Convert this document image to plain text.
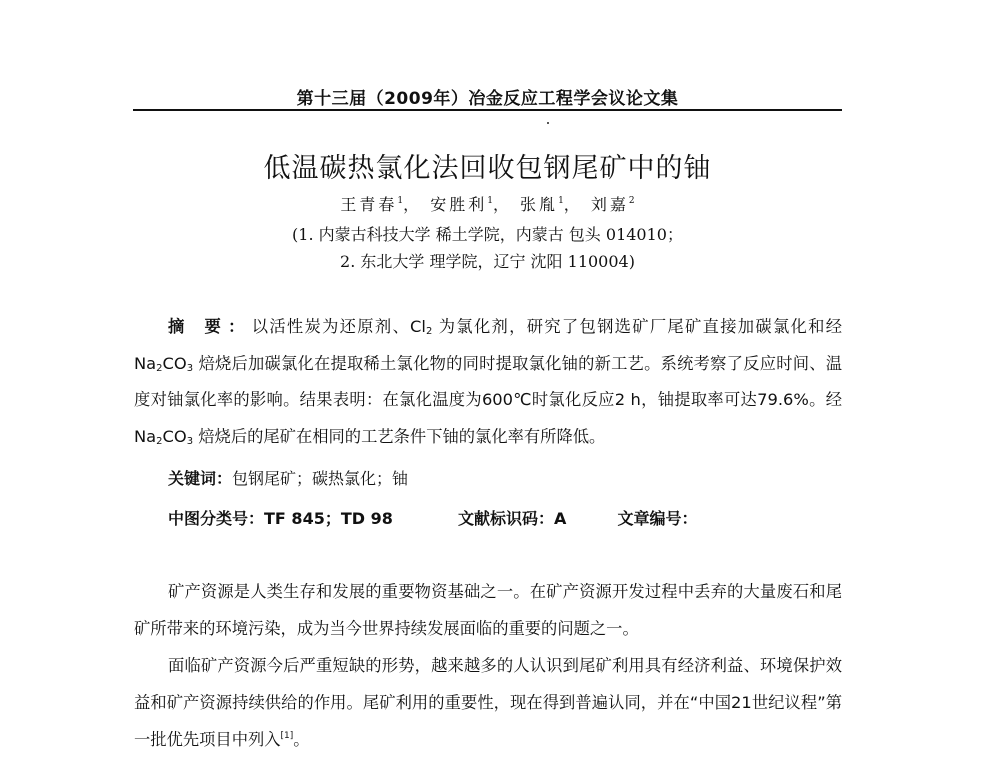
第十三届（2009年）冶金反应工程学会议论文集
低温碳热氯化法回收包钢尾矿中的铀
王青春$^1$， 安胜利$^1$， 张胤$^1$， 刘嘉$^2$
(1. 内蒙古科技大学 稀土学院，内蒙古 包头 014010；
2. 东北大学 理学院，辽宁 沈阳 110004)
摘 要：以活性炭为还原剂、$Cl_2$ 为氯化剂，研究了包钢选矿厂尾矿直接加碳氯化和经$Na_2CO_3$ 焙烧后加碳氯化在提取稀土氯化物的同时提取氯化铀的新工艺。系统考察了反应时间、温度对铀氯化率的影响。结果表明：在氯化温度为600℃时氯化反应2 h，铀提取率可达79.6%。经$Na_2CO_3$ 焙烧后的尾矿在相同的工艺条件下铀的氯化率有所降低。
关键词：包钢尾矿；碳热氯化；铀
中图分类号：TF 845；TD 98	文献标识码：A	文章编号：

矿产资源是人类生存和发展的重要物资基础之一。在矿产资源开发过程中丢弃的大量废石和尾矿所带来的环境污染，成为当今世界持续发展面临的重要的问题之一。

面临矿产资源今后严重短缺的形势，越来越多的人认识到尾矿利用具有经济利益、环境保护效益和矿产资源持续供给的作用。尾矿利用的重要性，现在得到普遍认同，并在“中国21世纪议程”第一批优先项目中列入[1]。
